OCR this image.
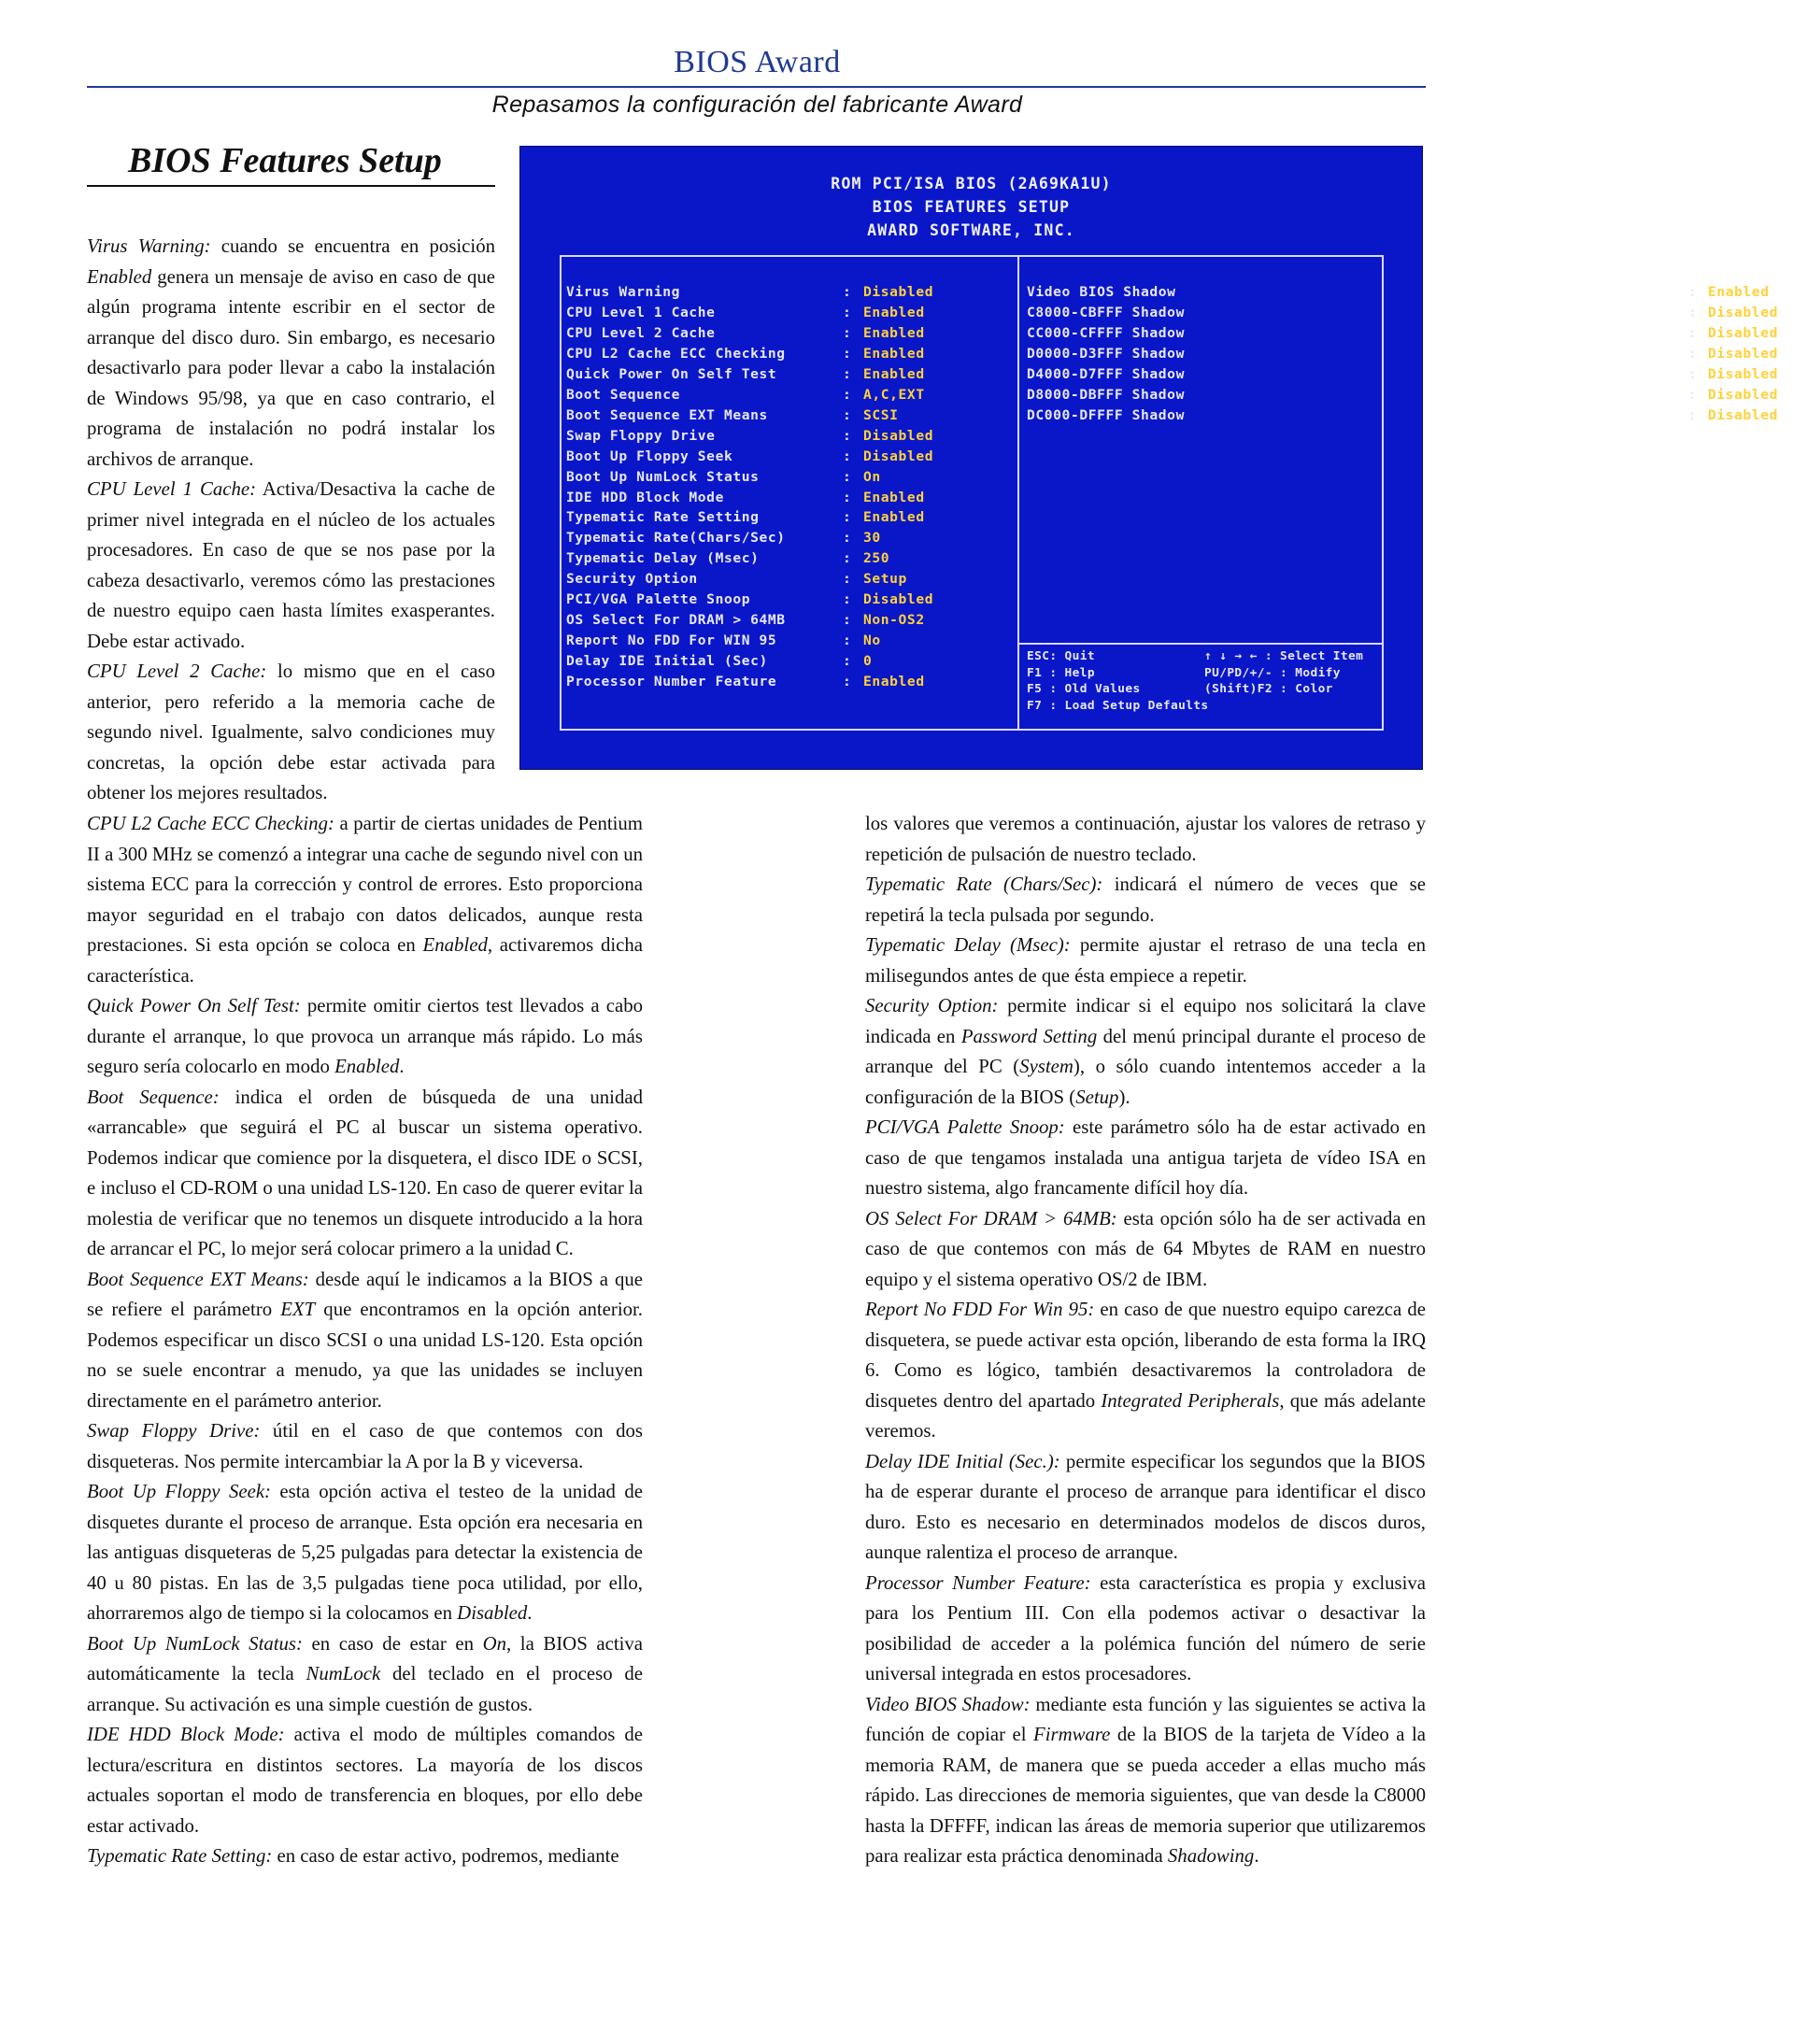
BIOS Award
Repasamos la configuración del fabricante Award
BIOS Features Setup

Virus Warning: cuando se encuentra en posición Enabled genera un mensaje de aviso en caso de que algún programa intente escribir en el sector de arranque del disco duro. Sin embargo, es necesario desactivarlo para poder llevar a cabo la instalación de Windows 95/98, ya que en caso contrario, el programa de instalación no podrá instalar los archivos de arranque.

CPU Level 1 Cache: Activa/Desactiva la cache de primer nivel integrada en el núcleo de los actuales procesadores. En caso de que se nos pase por la cabeza desactivarlo, veremos cómo las prestaciones de nuestro equipo caen hasta límites exasperantes. Debe estar activado.

CPU Level 2 Cache: lo mismo que en el caso anterior, pero referido a la memoria cache de segundo nivel. Igualmente, salvo condiciones muy concretas, la opción debe estar activada para obtener los mejores resultados.

CPU L2 Cache ECC Checking: a partir de ciertas unidades de Pentium II a 300 MHz se comenzó a integrar una cache de segundo nivel con un sistema ECC para la corrección y control de errores. Esto proporciona mayor seguridad en el trabajo con datos delicados, aunque resta prestaciones. Si esta opción se coloca en Enabled, activaremos dicha característica.

Quick Power On Self Test: permite omitir ciertos test llevados a cabo durante el arranque, lo que provoca un arranque más rápido. Lo más seguro sería colocarlo en modo Enabled.

Boot Sequence: indica el orden de búsqueda de una unidad «arrancable» que seguirá el PC al buscar un sistema operativo. Podemos indicar que comience por la disquetera, el disco IDE o SCSI, e incluso el CD-ROM o una unidad LS-120. En caso de querer evitar la molestia de verificar que no tenemos un disquete introducido a la hora de arrancar el PC, lo mejor será colocar primero a la unidad C.

Boot Sequence EXT Means: desde aquí le indicamos a la BIOS a que se refiere el parámetro EXT que encontramos en la opción anterior. Podemos especificar un disco SCSI o una unidad LS-120. Esta opción no se suele encontrar a menudo, ya que las unidades se incluyen directamente en el parámetro anterior.

Swap Floppy Drive: útil en el caso de que contemos con dos disqueteras. Nos permite intercambiar la A por la B y viceversa.

Boot Up Floppy Seek: esta opción activa el testeo de la unidad de disquetes durante el proceso de arranque. Esta opción era necesaria en las antiguas disqueteras de 5,25 pulgadas para detectar la existencia de 40 u 80 pistas. En las de 3,5 pulgadas tiene poca utilidad, por ello, ahorraremos algo de tiempo si la colocamos en Disabled.

Boot Up NumLock Status: en caso de estar en On, la BIOS activa automáticamente la tecla NumLock del teclado en el proceso de arranque. Su activación es una simple cuestión de gustos.

IDE HDD Block Mode: activa el modo de múltiples comandos de lectura/escritura en distintos sectores. La mayoría de los discos actuales soportan el modo de transferencia en bloques, por ello debe estar activado.

Typematic Rate Setting: en caso de estar activo, podremos, mediante

los valores que veremos a continuación, ajustar los valores de retraso y repetición de pulsación de nuestro teclado.

Typematic Rate (Chars/Sec): indicará el número de veces que se repetirá la tecla pulsada por segundo.

Typematic Delay (Msec): permite ajustar el retraso de una tecla en milisegundos antes de que ésta empiece a repetir.

Security Option: permite indicar si el equipo nos solicitará la clave indicada en Password Setting del menú principal durante el proceso de arranque del PC (System), o sólo cuando intentemos acceder a la configuración de la BIOS (Setup).

PCI/VGA Palette Snoop: este parámetro sólo ha de estar activado en caso de que tengamos instalada una antigua tarjeta de vídeo ISA en nuestro sistema, algo francamente difícil hoy día.

OS Select For DRAM > 64MB: esta opción sólo ha de ser activada en caso de que contemos con más de 64 Mbytes de RAM en nuestro equipo y el sistema operativo OS/2 de IBM.

Report No FDD For Win 95: en caso de que nuestro equipo carezca de disquetera, se puede activar esta opción, liberando de esta forma la IRQ 6. Como es lógico, también desactivaremos la controladora de disquetes dentro del apartado Integrated Peripherals, que más adelante veremos.

Delay IDE Initial (Sec.): permite especificar los segundos que la BIOS ha de esperar durante el proceso de arranque para identificar el disco duro. Esto es necesario en determinados modelos de discos duros, aunque ralentiza el proceso de arranque.

Processor Number Feature: esta característica es propia y exclusiva para los Pentium III. Con ella podemos activar o desactivar la posibilidad de acceder a la polémica función del número de serie universal integrada en estos procesadores.

Video BIOS Shadow: mediante esta función y las siguientes se activa la función de copiar el Firmware de la BIOS de la tarjeta de Vídeo a la memoria RAM, de manera que se pueda acceder a ellas mucho más rápido. Las direcciones de memoria siguientes, que van desde la C8000 hasta la DFFFF, indican las áreas de memoria superior que utilizaremos para realizar esta práctica denominada Shadowing.

ROM PCI/ISA BIOS (2A69KA1U)
BIOS FEATURES SETUP
AWARD SOFTWARE, INC.
Virus Warning	: Disabled
CPU Level 1 Cache	: Enabled
CPU Level 2 Cache	: Enabled
CPU L2 Cache ECC Checking	: Enabled
Quick Power On Self Test	: Enabled
Boot Sequence	: A,C,EXT
Boot Sequence EXT Means	: SCSI
Swap Floppy Drive	: Disabled
Boot Up Floppy Seek	: Disabled
Boot Up NumLock Status	: On
IDE HDD Block Mode	: Enabled
Typematic Rate Setting	: Enabled
Typematic Rate(Chars/Sec)	: 30
Typematic Delay (Msec)	: 250
Security Option	: Setup
PCI/VGA Palette Snoop	: Disabled
OS Select For DRAM > 64MB	: Non-OS2
Report No FDD For WIN 95	: No
Delay IDE Initial (Sec)	: 0
Processor Number Feature	: Enabled
Video BIOS Shadow	: Enabled
C8000-CBFFF Shadow	: Disabled
CC000-CFFFF Shadow	: Disabled
D0000-D3FFF Shadow	: Disabled
D4000-D7FFF Shadow	: Disabled
D8000-DBFFF Shadow	: Disabled
DC000-DFFFF Shadow	: Disabled
ESC: Quit	↑ ↓ → ← : Select Item
F1 : Help	PU/PD/+/- : Modify
F5 : Old Values	(Shift)F2 : Color
F7 : Load Setup Defaults
